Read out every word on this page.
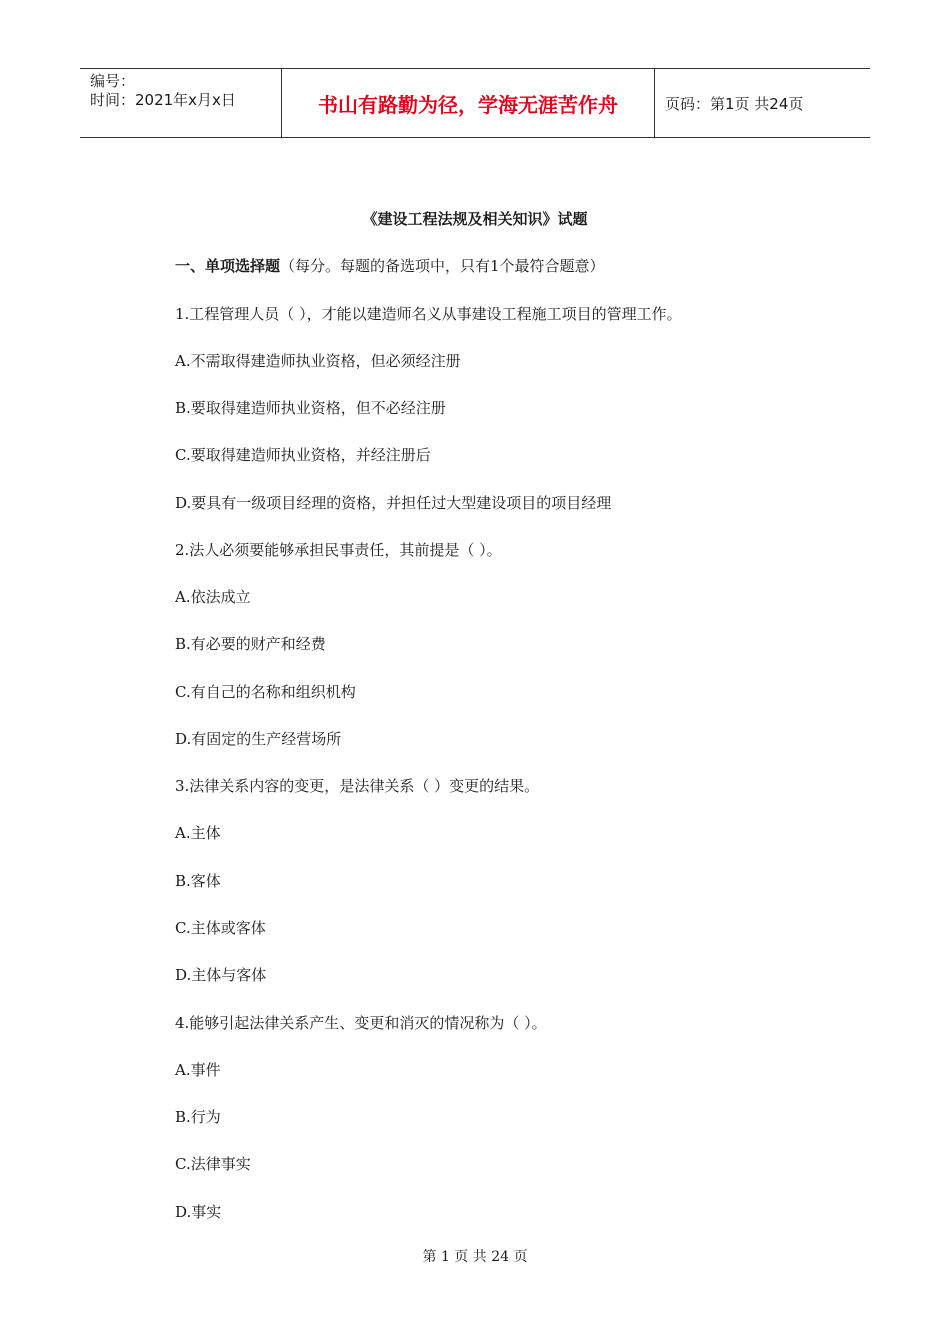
编号：
时间：2021年x月x日	书山有路勤为径，学海无涯苦作舟	页码：第1页 共24页
《建设工程法规及相关知识》试题
一、单项选择题（每分。每题的备选项中，只有1个最符合题意）
1.工程管理人员（ ），才能以建造师名义从事建设工程施工项目的管理工作。
A.不需取得建造师执业资格，但必须经注册
B.要取得建造师执业资格，但不必经注册
C.要取得建造师执业资格，并经注册后
D.要具有一级项目经理的资格，并担任过大型建设项目的项目经理
2.法人必须要能够承担民事责任，其前提是（ ）。
A.依法成立
B.有必要的财产和经费
C.有自己的名称和组织机构
D.有固定的生产经营场所
3.法律关系内容的变更，是法律关系（ ）变更的结果。
A.主体
B.客体
C.主体或客体
D.主体与客体
4.能够引起法律关系产生、变更和消灭的情况称为（ ）。
A.事件
B.行为
C.法律事实
D.事实
第 1 页 共 24 页
